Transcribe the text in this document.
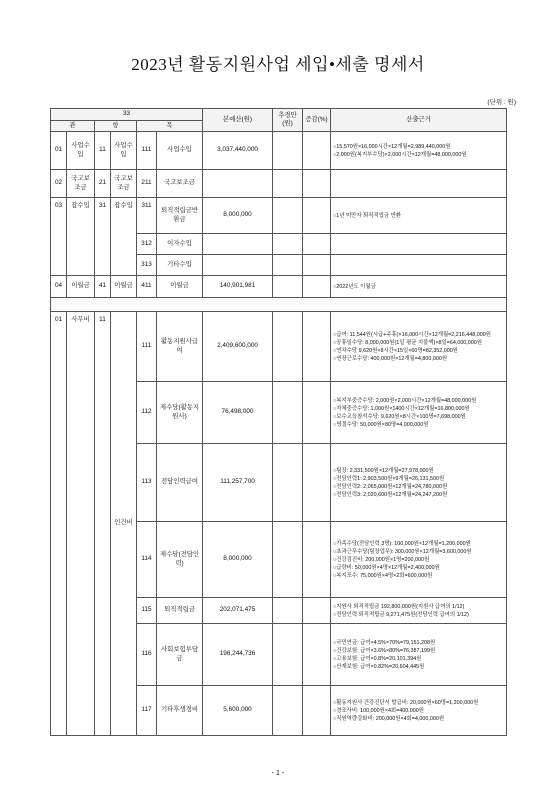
2023년 활동지원사업 세입•세출 명세서
(단위 : 원)
33						본예산(원)	추경안(원)	증감(%)	산출근거
관		항		목					
01	사업수입	11	사업수입	111	사업수입	3,037,440,000			○15,570원×16,000시간×12개월=2,989,440,000원
○2,000원(복지부수당)×2,000시간×12개월=48,000,000원

02	국고보조금	21	국고보조금	211	국고보조금				
03	잡수입	31	잡수입	311	퇴직적립금반환금	8,000,000			○1년 미만자 퇴직적립금 반환

				312	이자수입				
				313	기타수입				
04	이월금	41	이월금	411	이월금	140,901,981			○2022년도 이월금

01	사무비	11	인건비	111	활동지원사급여	2,409,600,000			○급여: 11,544원(시급+주휴)×16,000시간×12개월=2,216,448,000원
○공휴일수당: 8,000,000원(1일 평균 지불액)×8일=64,000,000원
○연차수당 9,620원×8시간×15일×60명=82,352,000원
○연장근로수당: 400,000원×12개월=4,800,000원

				112	제수당(활동지원사)	76,498,000			○복지부중증수당: 2,000원×2,000시간×12개월=48,000,000원
○자체중증수당: 1,000원×1400시간×12개월=16,800,000원
○보수교육참석수당: 9,620원×8시간×100명=7,698,000원
○명절수당: 50,000원×80명=4,000,000원

				113	전담인력급여	111,257,700			○팀장: 2,331,500원×12개월=27,978,000원
○전담인력1: 2,903,500원×9개월=26,131,500원
○전담인력2: 2,065,000원×12개월=24,780,000원
○전담인력3: 2,020,600원×12개월=24,247,200원

				114	제수당(전담인력)	8,000,000			○가족수당(전담인력 3명): 100,000원×12개월=1,200,000원
○초과근무수당(팀장업무): 300,000원×12개월=3,600,000원
○건강검진비: 200,000원×1명=200,000원
○급량비: 50,000원×4명×12개월=2,400,000원
○복지포수: 75,000원×4명×2회=600,000원

				115	퇴직적립금	202,071,475			○지원사 퇴직적립금 192,800,000원(지원사 급여의 1/12)
○전담인력 퇴직적립금 9,271,475원(전담인력 급여의 1/12)

				116	사회보험부담금	196,244,736			○국민연금: 급여×4.5%×70%=79,151,208원
○건강보험: 급여×3.6%×80%=76,387,199원
○고용보험: 급여×0.8%=20,101,394원
○산재보험: 급여×0.82%=20,604,445원

				117	기타후생경비	5,600,000			○활동지원사 건강진단서 발급비: 20,000원×60명=1,200,000원
○경조사비: 100,000원×4회=400,000원
○직원역량강화비: 200,000원×4회=4,000,000원
- 1 -
